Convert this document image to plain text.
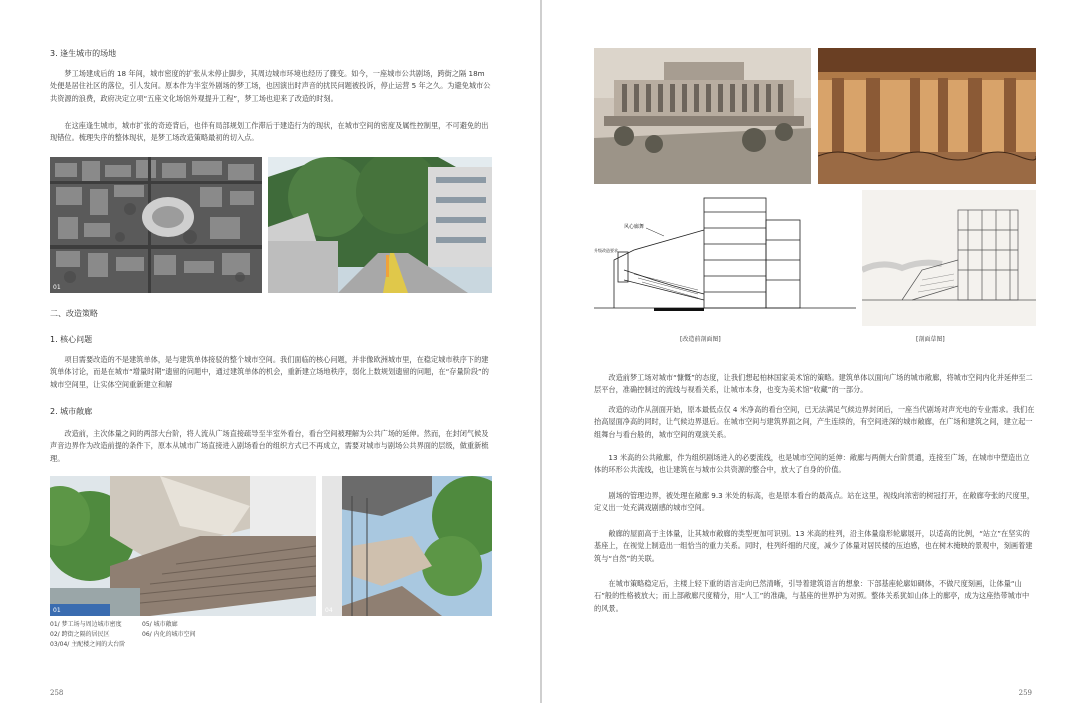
3. 逢生城市的场地

梦工场建成后的 18 年间，城市密度的扩张从未停止脚步，其周边城市环境也经历了骤变。如今，一座城市公共剧场，跨街之隔 18m 处便是居住社区的落位，引人发问。原本作为半室外剧场的梦工场，也因演出时声音的扰民问题被投诉，停止运营 5 年之久。为避免城市公共资源的浪费，政府决定立项“五座文化场馆外观提升工程”，梦工场也迎来了改造的时刻。

在这座逢生城市，城市扩张的奇迹背后，也伴有局部规划工作滞后于建造行为的现状，在城市空间的密度及属性控制里，不可避免的出现错位。梳理失序的整体现状，是梦工场改造策略最初的切入点。

01
二、改造策略
1. 核心问题

项目需要改造的不是建筑单体，是与建筑单体接驳的整个城市空间。我们面临的核心问题，并非像欧洲城市里，在稳定城市秩序下的建筑单体讨论，而是在城市“增量时期”遗留的问题中，通过建筑单体的机会，重新建立场地秩序，弱化上数规划遗留的问题，在“存量阶段”的城市空间里，让实体空间重新建立和解

2. 城市敞廊

改造前，主次体量之间的两部大台阶，将人流从广场直接疏导至半室外看台，看台空间被理解为公共广场的延伸。然而，在封闭气候及声音边界作为改造前提的条件下，原本从城市广场直接进入剧场看台的组织方式已不再成立，需要对城市与剧场公共界面的层级，做重新梳理。

01	04
01/ 梦工场与周边城市密度	05/ 城市敞廊
02/ 跨街之隔的居民区	06/ 内化的城市空间
03/04/ 主配楼之间的大台阶
258
风心廊舞
升级改造要求
[改造前剖面图]	[剖面草图]

改造前梦工场对城市“慷慨”的态度，让我们想起柏林国家美术馆的策略。建筑单体以面向广场的城市敞廊，将城市空间内化并延伸至二层平台，准确控制过的流线与视看关系，让城市本身，也变为美术馆“收藏”的一部分。

改造的动作从剖面开始，原本最低点仅 4 米净高的看台空间，已无法满足气候边界封闭后，一座当代剧场对声光电的专业需求。我们在抬高屋面净高的同时，让气候边界退后。在城市空间与建筑界面之间，产生连续的，有空间进深的城市敞廊，在广场和建筑之间，建立起一组舞台与看台般的，城市空间的观演关系。

13 米高的公共敞廊，作为组织剧场进入的必要流线，也是城市空间的延伸：敞廊与两侧大台阶贯通，连接至广场，在城市中塑造出立体的环形公共流线，也让建筑在与城市公共资源的整合中，放大了自身的价值。

剧场的管理边界，被处理在敞廊 9.3 米处的标高，也是原本看台的最高点。站在这里，视线向浓密的树冠打开，在敞廊夸张的尺度里，定义出一处充满戏剧感的城市空间。

敞廊的屋面高于主体量，让其城市敞廊的类型更加可识别。13 米高的柱列，沿主体量扇形轮廓展开，以适高的比例，“站立”在坚实的基座上，在视觉上制造出一组恰当的重力关系。同时，柱列纤细的尺度，减少了体量对居民楼的压迫感，也在树木掩映的景观中，刻画着建筑与“自然”的关联。

在城市策略稳定后，主楼上轻下重的语言走向已然清晰，引导着建筑语言的想象：下部基座轮廓如碉体，不做尺度刻画，让体量“山石”般的性格被放大；而上部敞廊尺度精分，用“人工”的准确，与基座的世界护为对照。整体关系犹如山体上的廊亭，成为这座热带城市中的风景。

259
